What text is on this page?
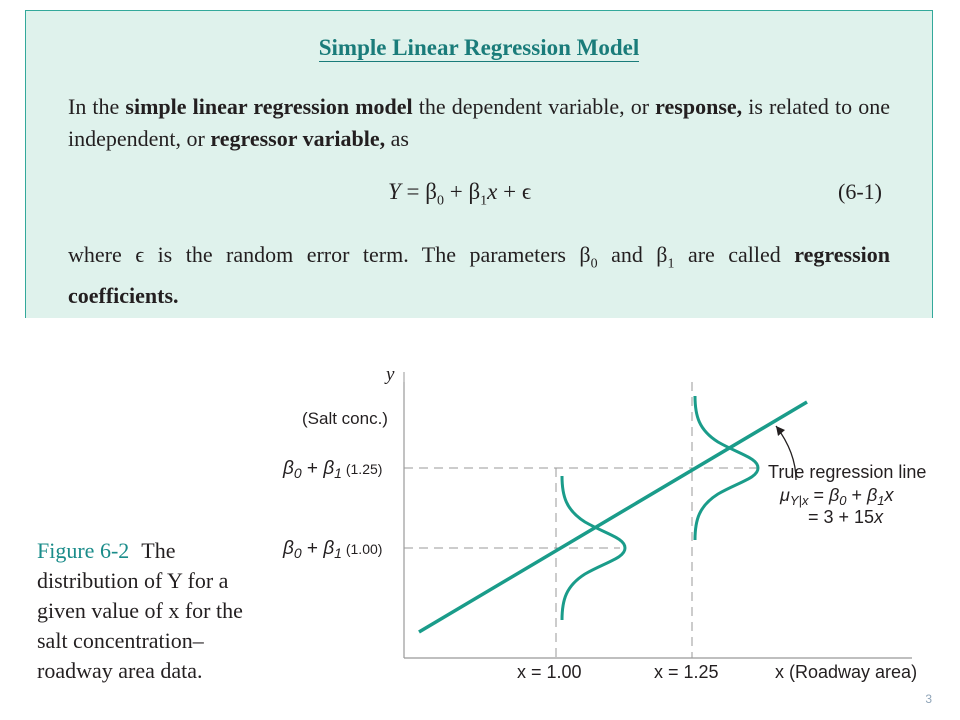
Simple Linear Regression Model
In the simple linear regression model the dependent variable, or response, is related to one independent, or regressor variable, as
$Y = \beta_0 + \beta_1x + \epsilon$	(6-1)
where ϵ is the random error term. The parameters $\beta_0$ and $\beta_1$ are called regression coefficients.
Figure 6-2 The distribution of Y for a given value of x for the salt concentration–roadway area data.
y
(Salt conc.)
$\beta_0 + \beta_1$ $^{(1.25)}$
$\beta_0 + \beta_1$ $^{(1.00)}$
x = 1.00	x = 1.25	x (Roadway area)
True regression line
$\mu_Y|x = \beta_0 + \beta_1x$
= 3 + 15x
3
